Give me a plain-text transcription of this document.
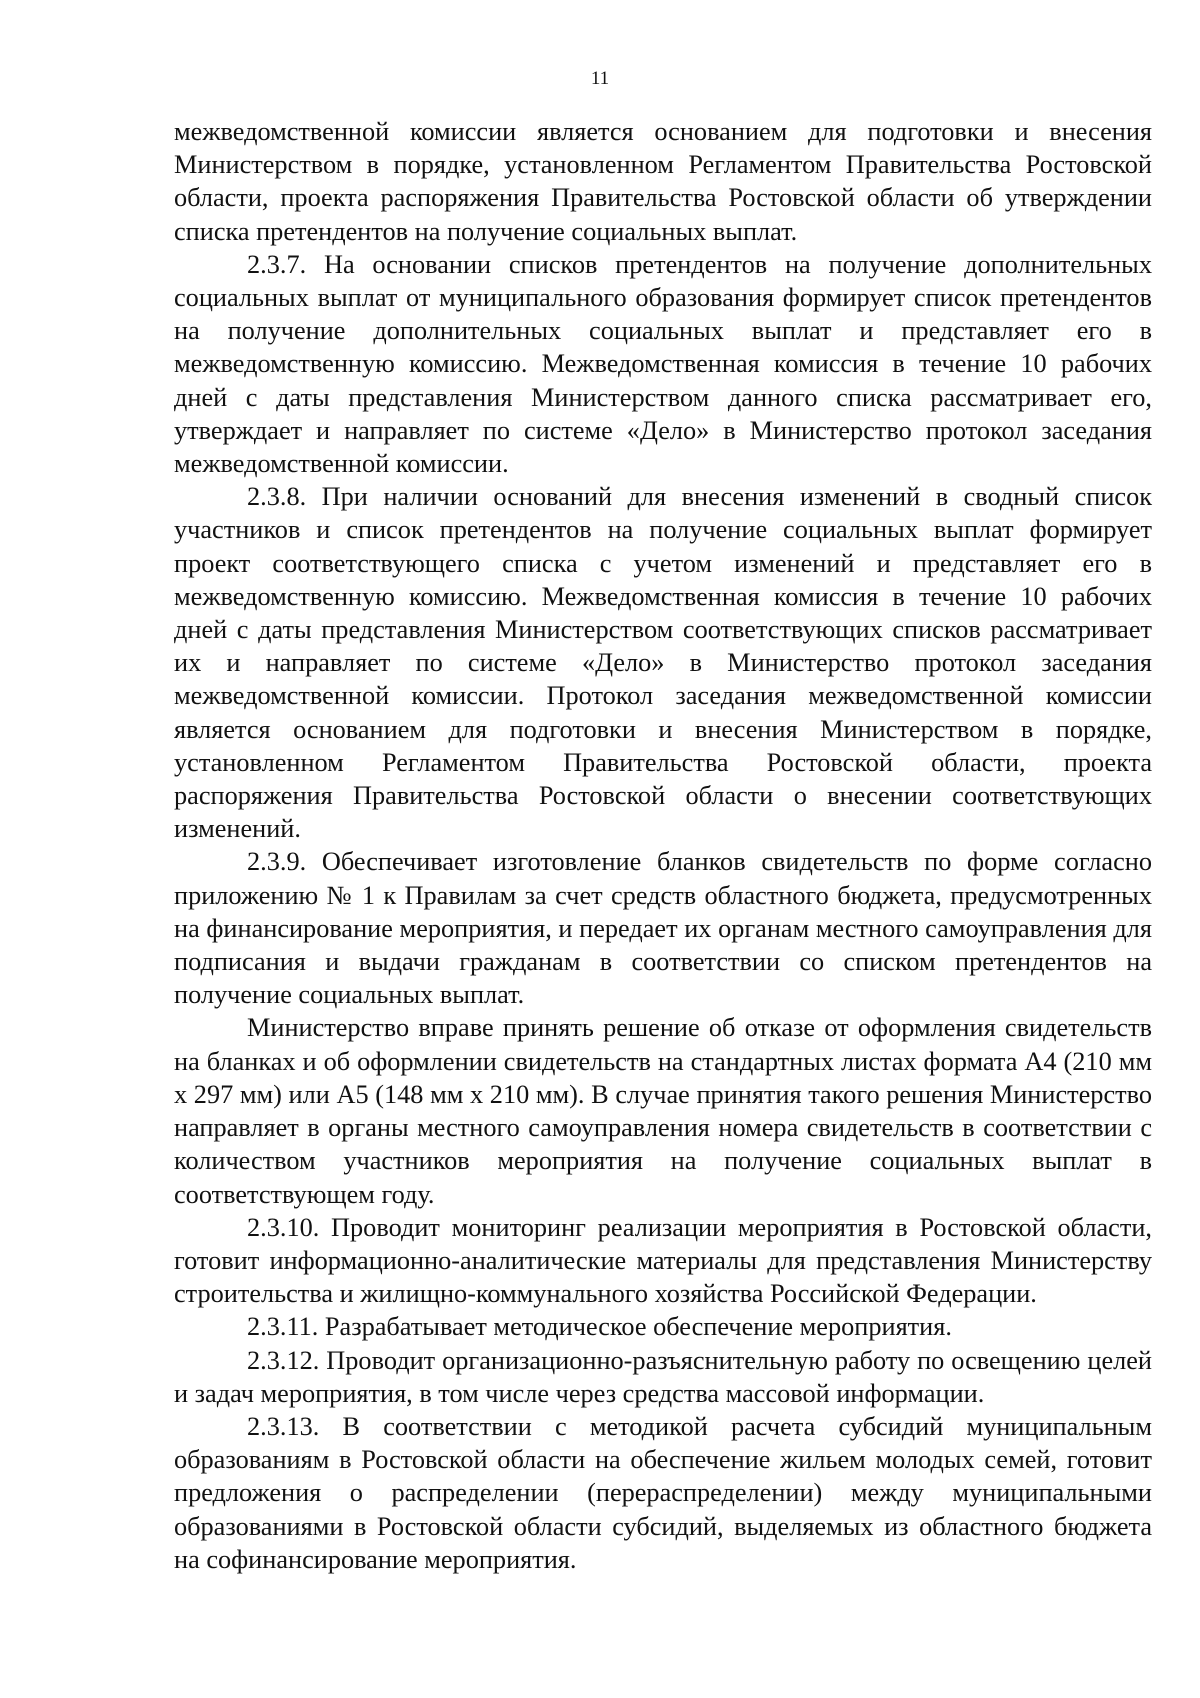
11

межведомственной комиссии является основанием для подготовки и внесения Министерством в порядке, установленном Регламентом Правительства Ростовской области, проекта распоряжения Правительства Ростовской области об утверждении списка претендентов на получение социальных выплат.

2.3.7. На основании списков претендентов на получение дополнительных социальных выплат от муниципального образования формирует список претендентов на получение дополнительных социальных выплат и представляет его в межведомственную комиссию. Межведомственная комиссия в течение 10 рабочих дней с даты представления Министерством данного списка рассматривает его, утверждает и направляет по системе «Дело» в Министерство протокол заседания межведомственной комиссии.

2.3.8. При наличии оснований для внесения изменений в сводный список участников и список претендентов на получение социальных выплат формирует проект соответствующего списка с учетом изменений и представляет его в межведомственную комиссию. Межведомственная комиссия в течение 10 рабочих дней с даты представления Министерством соответствующих списков рассматривает их и направляет по системе «Дело» в Министерство протокол заседания межведомственной комиссии. Протокол заседания межведомственной комиссии является основанием для подготовки и внесения Министерством в порядке, установленном Регламентом Правительства Ростовской области, проекта распоряжения Правительства Ростовской области о внесении соответствующих изменений.

2.3.9. Обеспечивает изготовление бланков свидетельств по форме согласно приложению № 1 к Правилам за счет средств областного бюджета, предусмотренных на финансирование мероприятия, и передает их органам местного самоуправления для подписания и выдачи гражданам в соответствии со списком претендентов на получение социальных выплат.

Министерство вправе принять решение об отказе от оформления свидетельств на бланках и об оформлении свидетельств на стандартных листах формата А4 (210 мм x 297 мм) или А5 (148 мм x 210 мм). В случае принятия такого решения Министерство направляет в органы местного самоуправления номера свидетельств в соответствии с количеством участников мероприятия на получение социальных выплат в соответствующем году.

2.3.10. Проводит мониторинг реализации мероприятия в Ростовской области, готовит информационно-аналитические материалы для представления Министерству строительства и жилищно-коммунального хозяйства Российской Федерации.

2.3.11. Разрабатывает методическое обеспечение мероприятия.

2.3.12. Проводит организационно-разъяснительную работу по освещению целей и задач мероприятия, в том числе через средства массовой информации.

2.3.13. В соответствии с методикой расчета субсидий муниципальным образованиям в Ростовской области на обеспечение жильем молодых семей, готовит предложения о распределении (перераспределении) между муниципальными образованиями в Ростовской области субсидий, выделяемых из областного бюджета на софинансирование мероприятия.
